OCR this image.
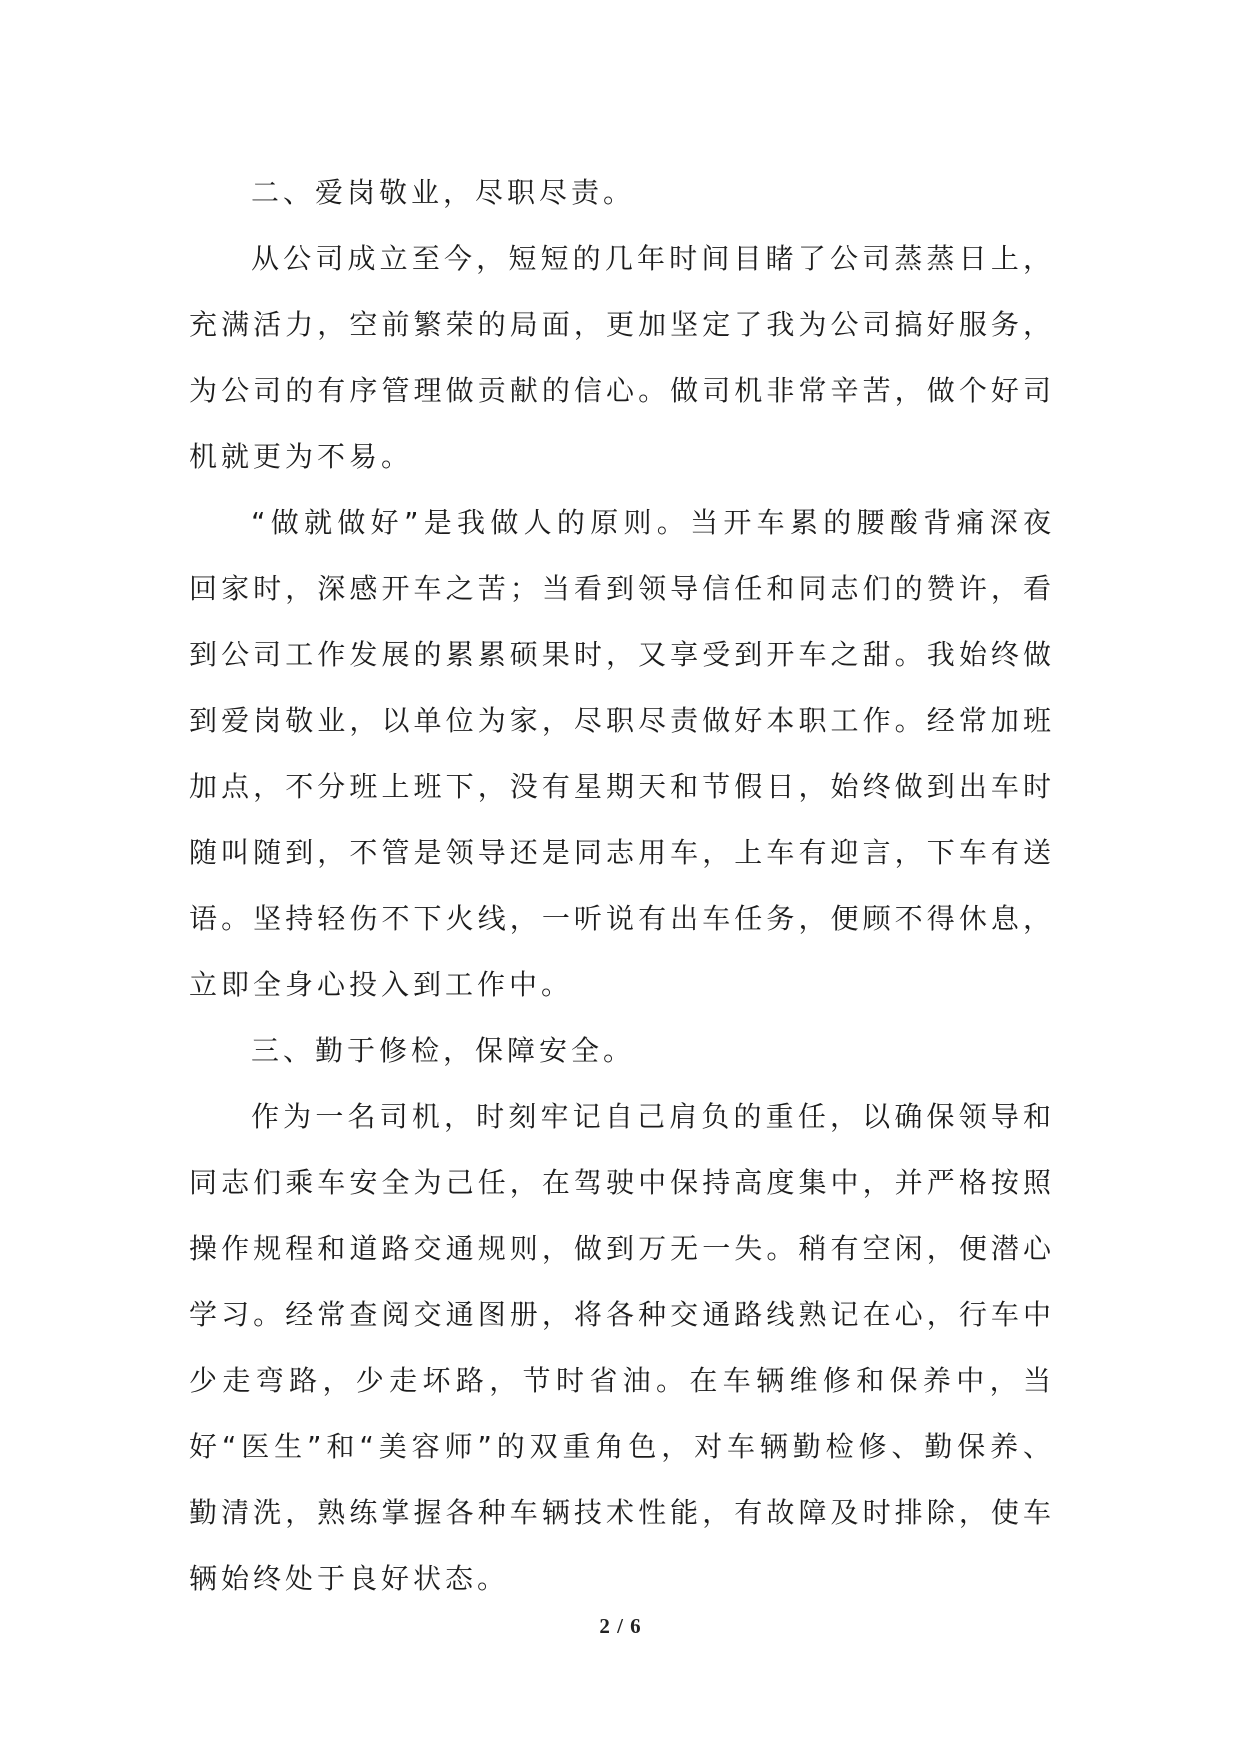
二、爱岗敬业，尽职尽责。

从公司成立至今，短短的几年时间目睹了公司蒸蒸日上，充满活力，空前繁荣的局面，更加坚定了我为公司搞好服务，为公司的有序管理做贡献的信心。做司机非常辛苦，做个好司机就更为不易。

“做就做好”是我做人的原则。当开车累的腰酸背痛深夜回家时，深感开车之苦；当看到领导信任和同志们的赞许，看到公司工作发展的累累硕果时，又享受到开车之甜。我始终做到爱岗敬业，以单位为家，尽职尽责做好本职工作。经常加班加点，不分班上班下，没有星期天和节假日，始终做到出车时随叫随到，不管是领导还是同志用车，上车有迎言，下车有送语。坚持轻伤不下火线，一听说有出车任务，便顾不得休息，立即全身心投入到工作中。

三、勤于修检，保障安全。

作为一名司机，时刻牢记自己肩负的重任，以确保领导和同志们乘车安全为己任，在驾驶中保持高度集中，并严格按照操作规程和道路交通规则，做到万无一失。稍有空闲，便潜心学习。经常查阅交通图册，将各种交通路线熟记在心，行车中少走弯路，少走坏路，节时省油。在车辆维修和保养中，当好“医生”和“美容师”的双重角色，对车辆勤检修、勤保养、勤清洗，熟练掌握各种车辆技术性能，有故障及时排除，使车辆始终处于良好状态。

2 / 6
